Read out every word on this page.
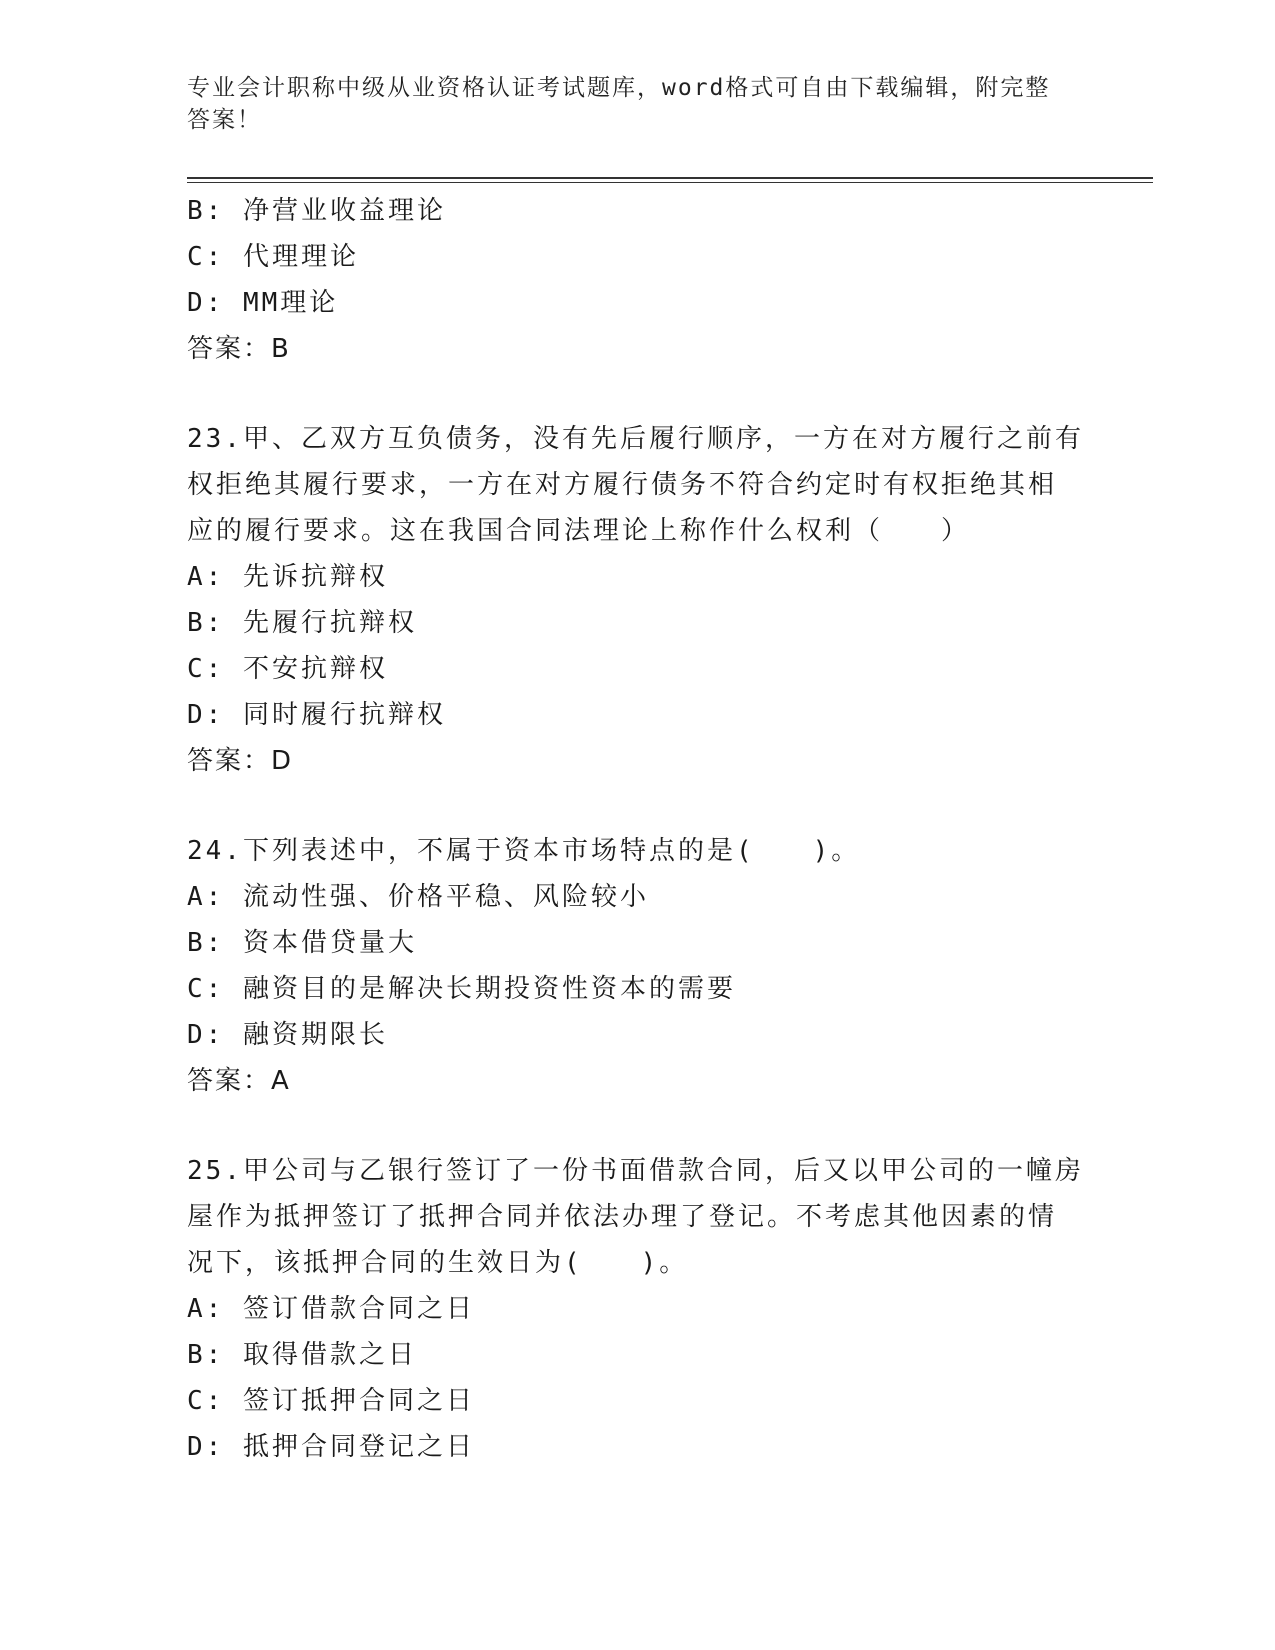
专业会计职称中级从业资格认证考试题库，word格式可自由下载编辑，附完整答案！
B: 净营业收益理论
C: 代理理论
D: MM理论
答案：B
23.甲、乙双方互负债务，没有先后履行顺序，一方在对方履行之前有
权拒绝其履行要求，一方在对方履行债务不符合约定时有权拒绝其相
应的履行要求。这在我国合同法理论上称作什么权利（　　）
A: 先诉抗辩权
B: 先履行抗辩权
C: 不安抗辩权
D: 同时履行抗辩权
答案：D
24.下列表述中，不属于资本市场特点的是(　　)。
A: 流动性强、价格平稳、风险较小
B: 资本借贷量大
C: 融资目的是解决长期投资性资本的需要
D: 融资期限长
答案：A
25.甲公司与乙银行签订了一份书面借款合同，后又以甲公司的一幢房
屋作为抵押签订了抵押合同并依法办理了登记。不考虑其他因素的情
况下，该抵押合同的生效日为(　　)。
A: 签订借款合同之日
B: 取得借款之日
C: 签订抵押合同之日
D: 抵押合同登记之日
